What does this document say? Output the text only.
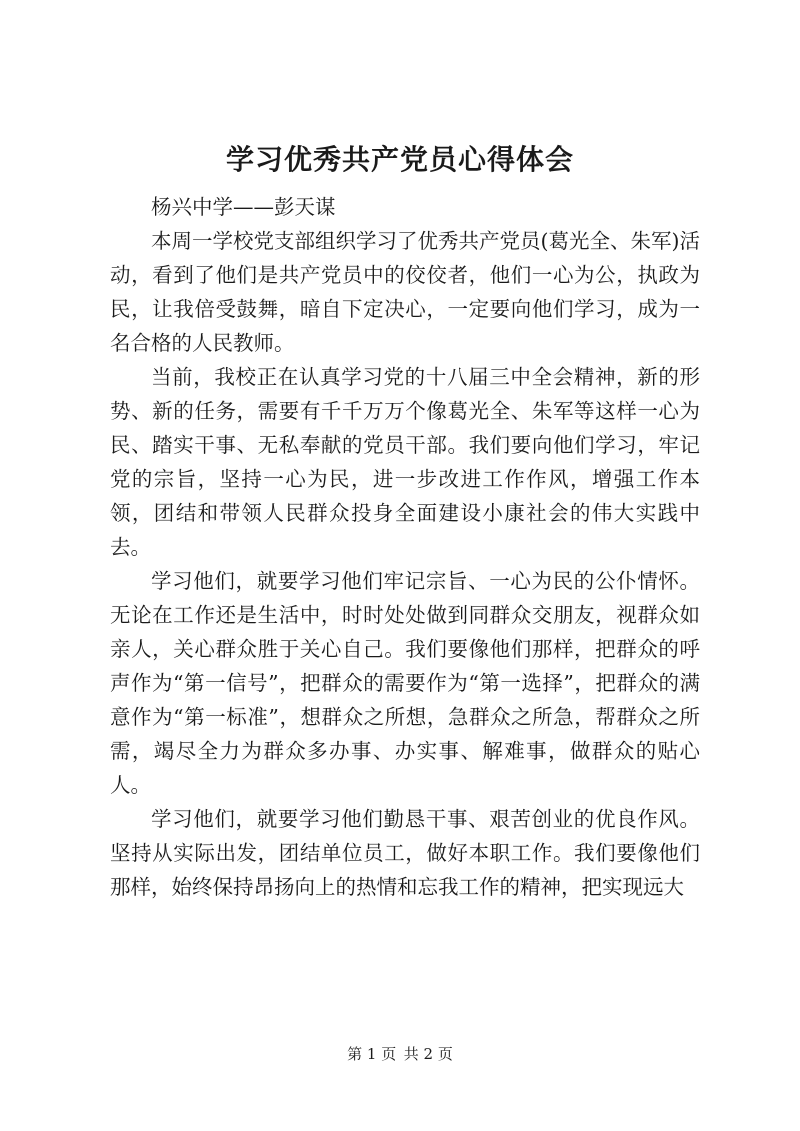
学习优秀共产党员心得体会

杨兴中学——彭天谋

本周一学校党支部组织学习了优秀共产党员(葛光全、朱军)活动，看到了他们是共产党员中的佼佼者，他们一心为公，执政为民，让我倍受鼓舞，暗自下定决心，一定要向他们学习，成为一名合格的人民教师。

当前，我校正在认真学习党的十八届三中全会精神，新的形势、新的任务，需要有千千万万个像葛光全、朱军等这样一心为民、踏实干事、无私奉献的党员干部。我们要向他们学习，牢记党的宗旨，坚持一心为民，进一步改进工作作风，增强工作本领，团结和带领人民群众投身全面建设小康社会的伟大实践中去。

学习他们，就要学习他们牢记宗旨、一心为民的公仆情怀。无论在工作还是生活中，时时处处做到同群众交朋友，视群众如亲人，关心群众胜于关心自己。我们要像他们那样，把群众的呼声作为“第一信号”，把群众的需要作为“第一选择”，把群众的满意作为“第一标准”，想群众之所想，急群众之所急，帮群众之所需，竭尽全力为群众多办事、办实事、解难事，做群众的贴心人。

学习他们，就要学习他们勤恳干事、艰苦创业的优良作风。坚持从实际出发，团结单位员工，做好本职工作。我们要像他们那样，始终保持昂扬向上的热情和忘我工作的精神，把实现远大

第 1 页 共 2 页
